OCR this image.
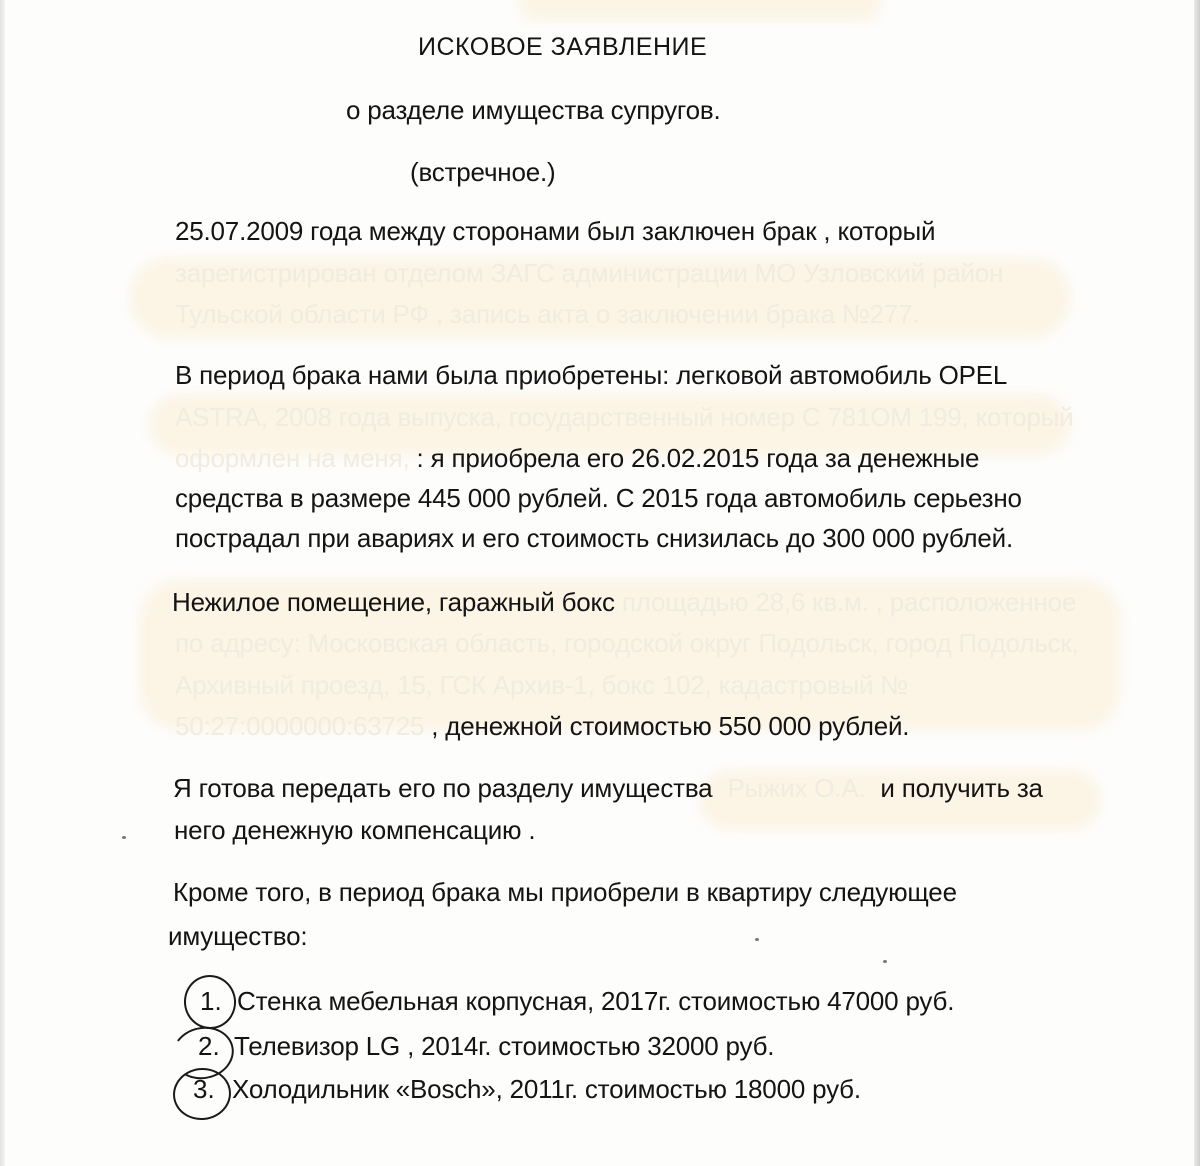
ИСКОВОЕ ЗАЯВЛЕНИЕ
о разделе имущества супругов.
(встречное.)
25.07.2009 года между сторонами был заключен брак , который
зарегистрирован отделом ЗАГС администрации МО Узловский район
Тульской области РФ , запись акта о заключении брака №277.
В период брака нами была приобретены: легковой автомобиль OPEL
ASTRA, 2008 года выпуска, государственный номер С 781ОМ 199, который
оформлен на меня, : я приобрела его 26.02.2015 года за денежные
средства в размере 445 000 рублей. С 2015 года автомобиль серьезно
пострадал при авариях и его стоимость снизилась до 300 000 рублей.
Нежилое помещение, гаражный бокс площадью 28,6 кв.м. , расположенное
по адресу: Московская область, городской округ Подольск, город Подольск,
Архивный проезд, 15, ГСК Архив-1, бокс 102, кадастровый №
50:27:0000000:63725 , денежной стоимостью 550 000 рублей.
Я готова передать его по разделу имущества Рыжих О.А. и получить за
него денежную компенсацию .
Кроме того, в период брака мы приобрели в квартиру следующее
имущество:
1. Стенка мебельная корпусная, 2017г. стоимостью 47000 руб.
2. Телевизор LG , 2014г. стоимостью 32000 руб.
3. Холодильник «Bosch», 2011г. стоимостью 18000 руб.
